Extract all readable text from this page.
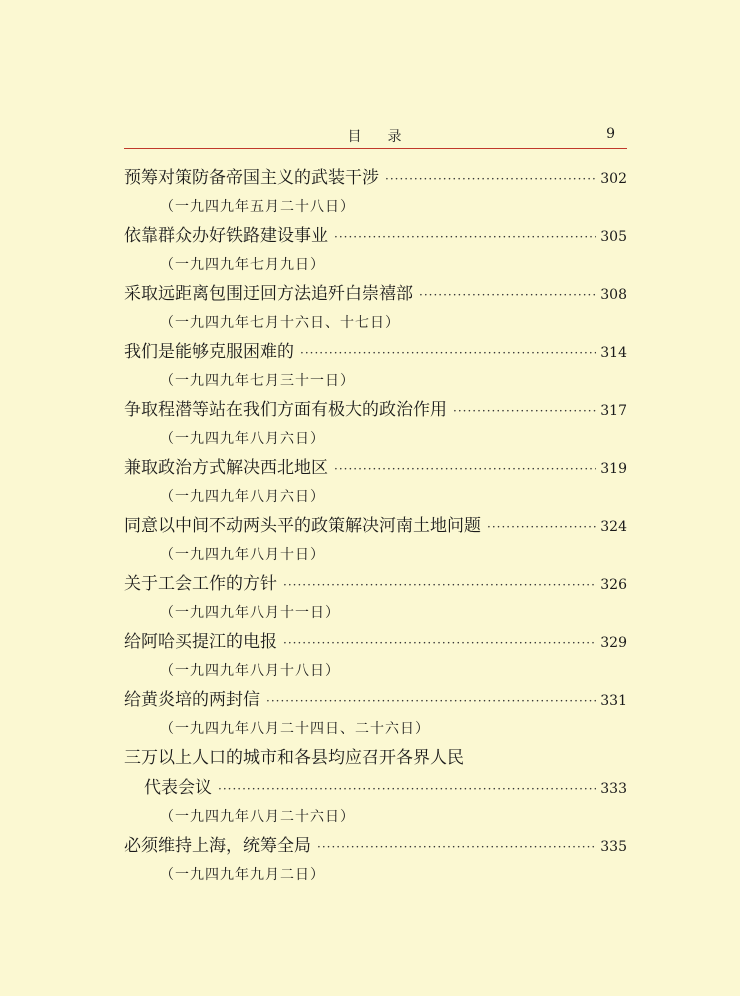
目 录	9
预筹对策防备帝国主义的武装干涉 ·····	302
（一九四九年五月二十八日）
依靠群众办好铁路建设事业 ·····	305
（一九四九年七月九日）
采取远距离包围迂回方法追歼白崇禧部 ·····	308
（一九四九年七月十六日、十七日）
我们是能够克服困难的 ·····	314
（一九四九年七月三十一日）
争取程潜等站在我们方面有极大的政治作用 ·····	317
（一九四九年八月六日）
兼取政治方式解决西北地区 ·····	319
（一九四九年八月六日）
同意以中间不动两头平的政策解决河南土地问题 ·····	324
（一九四九年八月十日）
关于工会工作的方针 ·····	326
（一九四九年八月十一日）
给阿哈买提江的电报 ·····	329
（一九四九年八月十八日）
给黄炎培的两封信 ·····	331
（一九四九年八月二十四日、二十六日）
三万以上人口的城市和各县均应召开各界人民
代表会议 ·····	333
（一九四九年八月二十六日）
必须维持上海，统筹全局 ·····	335
（一九四九年九月二日）
